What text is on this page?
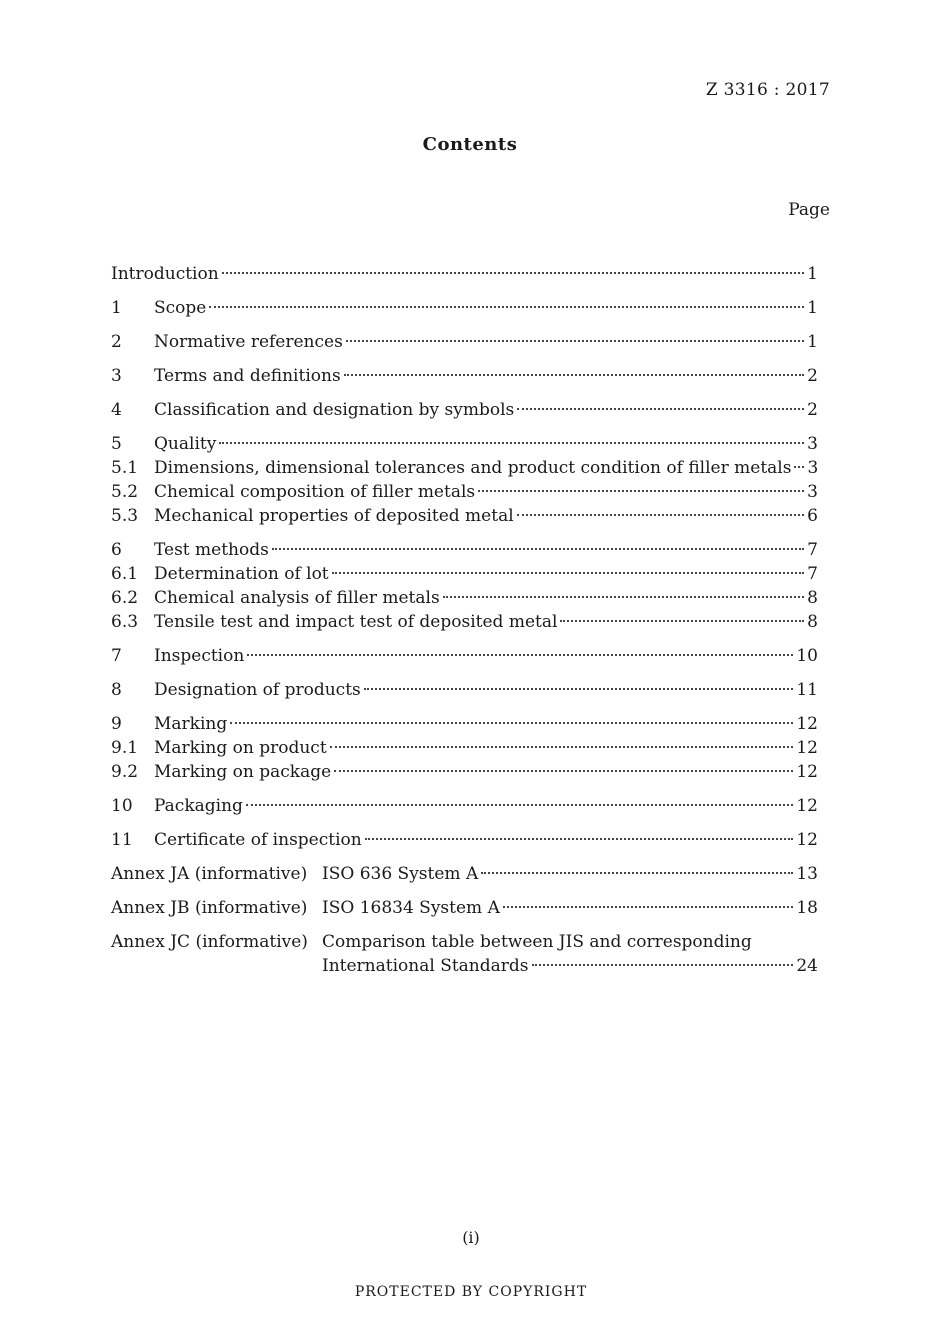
Z 3316 : 2017
Contents
Page
Introduction	1
1	Scope	1
2	Normative references	1
3	Terms and definitions	2
4	Classification and designation by symbols	2
5	Quality	3
5.1 Dimensions, dimensional tolerances and product condition of filler metals 3
5.2 Chemical composition of filler metals	3
5.3 Mechanical properties of deposited metal	6
6	Test methods	7
6.1 Determination of lot	7
6.2 Chemical analysis of filler metals	8
6.3 Tensile test and impact test of deposited metal	8
7	Inspection	10
8	Designation of products	11
9	Marking	12
9.1 Marking on product	12
9.2 Marking on package	12
10	Packaging	12
11	Certificate of inspection	12
Annex JA (informative) ISO 636 System A	13
Annex JB (informative) ISO 16834 System A	18
Annex JC (informative) Comparison table between JIS and corresponding
International Standards	24
(i)
PROTECTED BY COPYRIGHT
